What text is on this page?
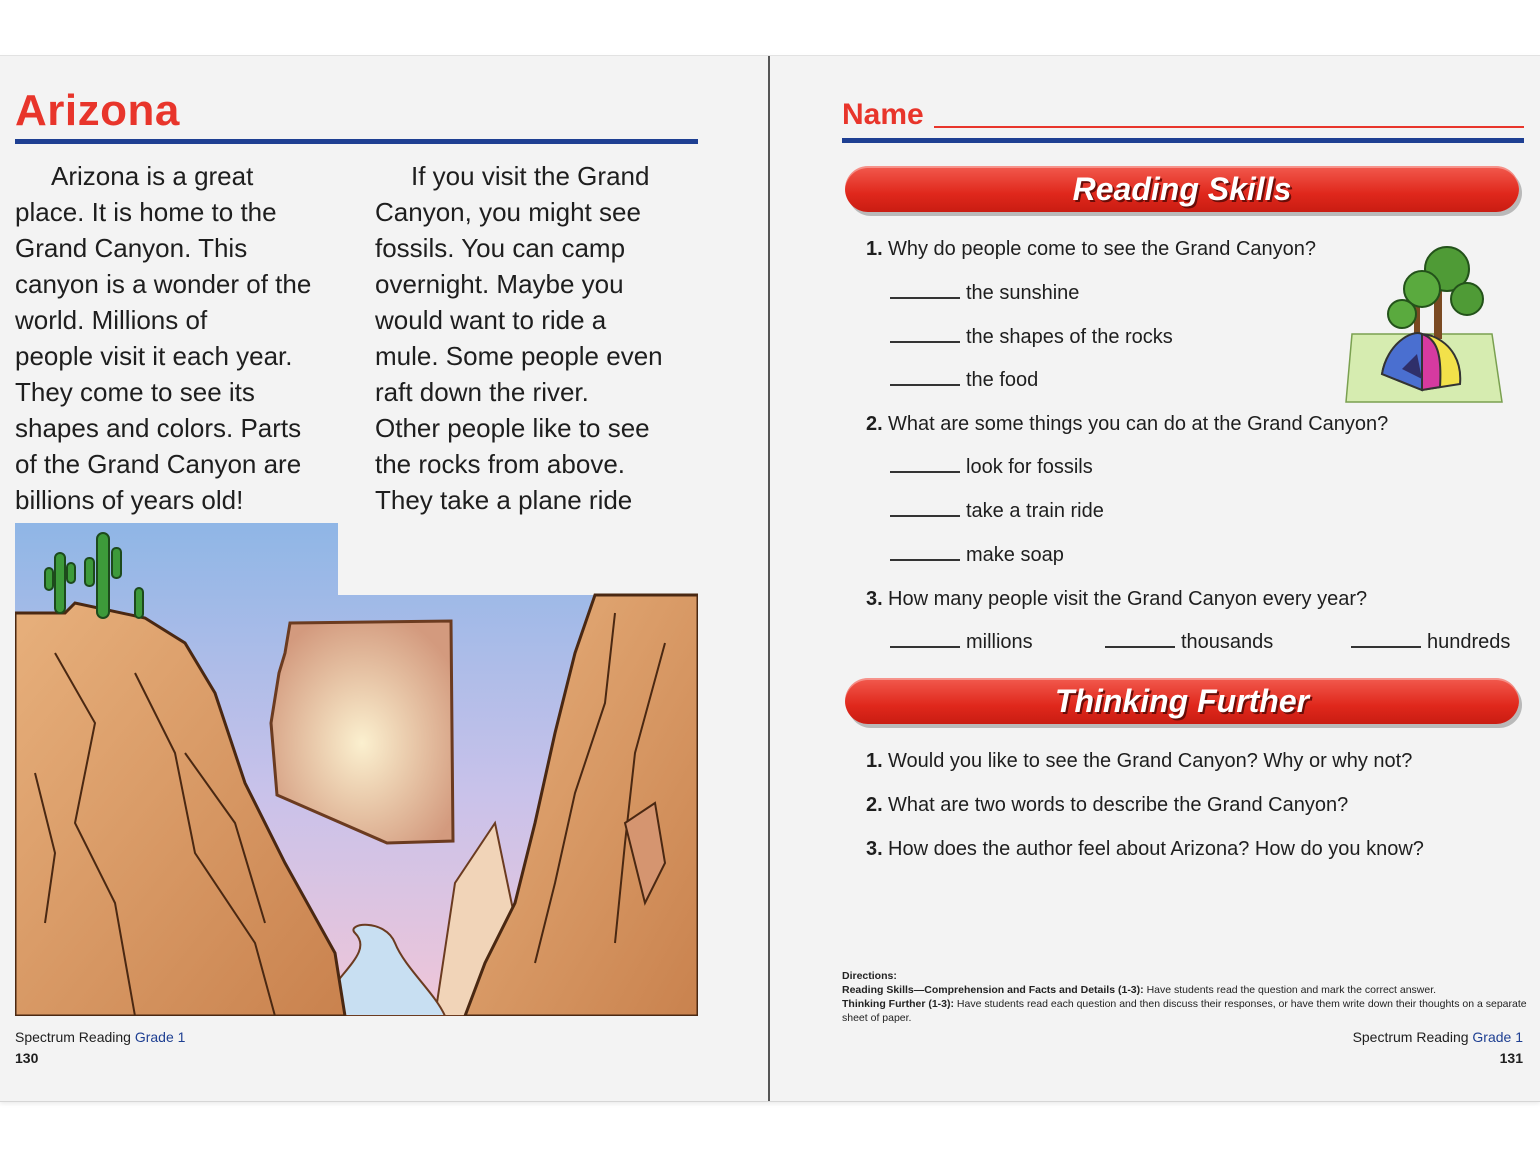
Arizona

Arizona is a great

place. It is home to the

Grand Canyon. This

canyon is a wonder of the

world. Millions of

people visit it each year.

They come to see its

shapes and colors. Parts

of the Grand Canyon are

billions of years old!

If you visit the Grand

Canyon, you might see

fossils. You can camp

overnight. Maybe you

would want to ride a

mule. Some people even

raft down the river.

Other people like to see

the rocks from above.

They take a plane ride

Spectrum Reading Grade 1
130
Name
Reading Skills
1. Why do people come to see the Grand Canyon?
the sunshine
the shapes of the rocks
the food
2. What are some things you can do at the Grand Canyon?
look for fossils
take a train ride
make soap
3. How many people visit the Grand Canyon every year?
millions	thousands	hundreds
Thinking Further
1. Would you like to see the Grand Canyon? Why or why not?
2. What are two words to describe the Grand Canyon?
3. How does the author feel about Arizona? How do you know?
Directions:
Reading Skills—Comprehension and Facts and Details (1-3): Have students read the question and mark the correct answer.
Thinking Further (1-3): Have students read each question and then discuss their responses, or have them write down their thoughts on a separate sheet of paper.
Spectrum Reading Grade 1
131
